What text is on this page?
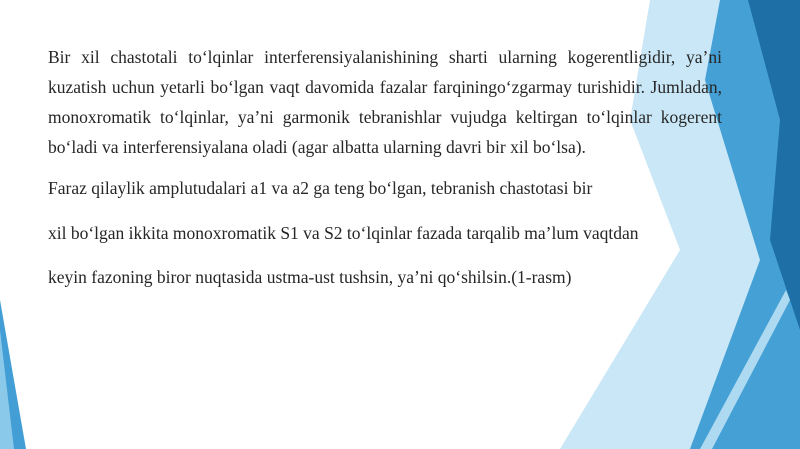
Bir xil chastotali to‘lqinlar interferensiyalanishining sharti ularning kogerentligidir, ya’ni kuzatish uchun yetarli bo‘lgan vaqt davomida fazalar farqiningo‘zgarmay turishidir. Jumladan, monoxromatik to‘lqinlar, ya’ni garmonik tebranishlar vujudga keltirgan to‘lqinlar kogerent bo‘ladi va interferensiyalana oladi (agar albatta ularning davri bir xil bo‘lsa).

Faraz qilaylik amplutudalari a1 va a2 ga teng bo‘lgan, tebranish chastotasi bir

xil bo‘lgan ikkita monoxromatik S1 va S2 to‘lqinlar fazada tarqalib ma’lum vaqtdan

keyin fazoning biror nuqtasida ustma-ust tushsin, ya’ni qo‘shilsin.(1-rasm)
